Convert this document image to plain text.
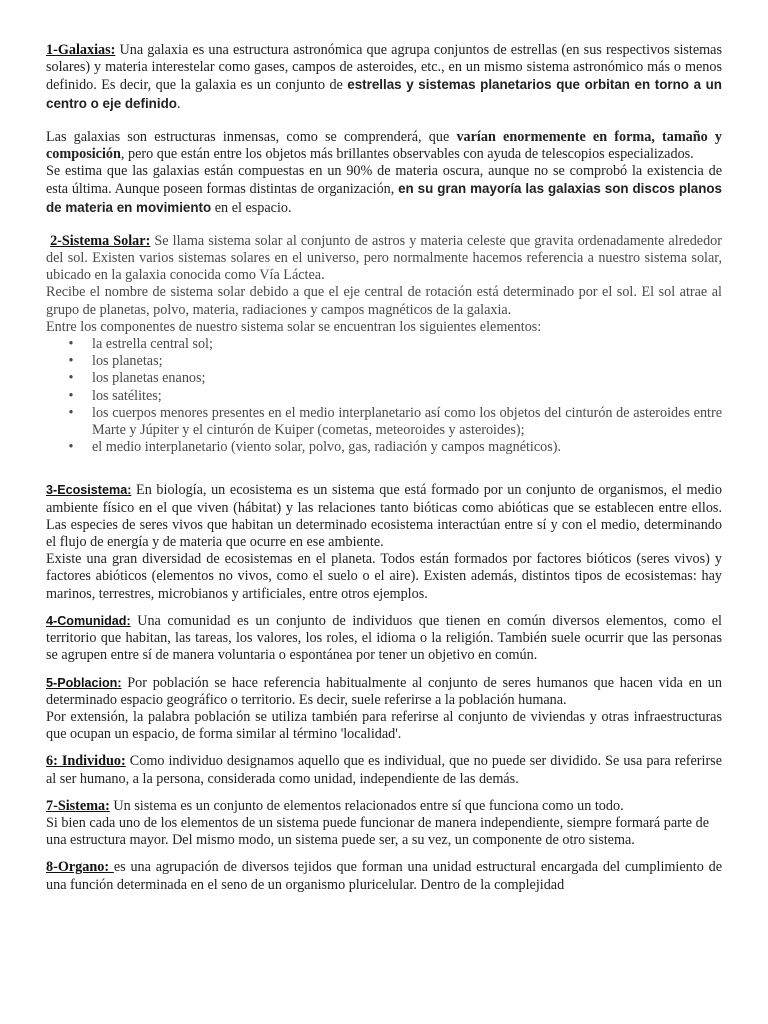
1-Galaxias: Una galaxia es una estructura astronómica que agrupa conjuntos de estrellas (en sus respectivos sistemas solares) y materia interestelar como gases, campos de asteroides, etc., en un mismo sistema astronómico más o menos definido. Es decir, que la galaxia es un conjunto de estrellas y sistemas planetarios que orbitan en torno a un centro o eje definido.

Las galaxias son estructuras inmensas, como se comprenderá, que varían enormemente en forma, tamaño y composición, pero que están entre los objetos más brillantes observables con ayuda de telescopios especializados.

Se estima que las galaxias están compuestas en un 90% de materia oscura, aunque no se comprobó la existencia de esta última. Aunque poseen formas distintas de organización, en su gran mayoría las galaxias son discos planos de materia en movimiento en el espacio.

2-Sistema Solar: Se llama sistema solar al conjunto de astros y materia celeste que gravita ordenadamente alrededor del sol. Existen varios sistemas solares en el universo, pero normalmente hacemos referencia a nuestro sistema solar, ubicado en la galaxia conocida como Vía Láctea.

Recibe el nombre de sistema solar debido a que el eje central de rotación está determinado por el sol. El sol atrae al grupo de planetas, polvo, materia, radiaciones y campos magnéticos de la galaxia.

Entre los componentes de nuestro sistema solar se encuentran los siguientes elementos:

• la estrella central sol;
• los planetas;
• los planetas enanos;
• los satélites;
• los cuerpos menores presentes en el medio interplanetario así como los objetos del cinturón de asteroides entre Marte y Júpiter y el cinturón de Kuiper (cometas, meteoroides y asteroides);
• el medio interplanetario (viento solar, polvo, gas, radiación y campos magnéticos).

3-Ecosistema: En biología, un ecosistema es un sistema que está formado por un conjunto de organismos, el medio ambiente físico en el que viven (hábitat) y las relaciones tanto bióticas como abióticas que se establecen entre ellos. Las especies de seres vivos que habitan un determinado ecosistema interactúan entre sí y con el medio, determinando el flujo de energía y de materia que ocurre en ese ambiente.

Existe una gran diversidad de ecosistemas en el planeta. Todos están formados por factores bióticos (seres vivos) y factores abióticos (elementos no vivos, como el suelo o el aire). Existen además, distintos tipos de ecosistemas: hay marinos, terrestres, microbianos y artificiales, entre otros ejemplos.

4-Comunidad: Una comunidad es un conjunto de individuos que tienen en común diversos elementos, como el territorio que habitan, las tareas, los valores, los roles, el idioma o la religión. También suele ocurrir que las personas se agrupen entre sí de manera voluntaria o espontánea por tener un objetivo en común.

5-Poblacion: Por población se hace referencia habitualmente al conjunto de seres humanos que hacen vida en un determinado espacio geográfico o territorio. Es decir, suele referirse a la población humana.

Por extensión, la palabra población se utiliza también para referirse al conjunto de viviendas y otras infraestructuras que ocupan un espacio, de forma similar al término 'localidad'.

6: Individuo: Como individuo designamos aquello que es individual, que no puede ser dividido. Se usa para referirse al ser humano, a la persona, considerada como unidad, independiente de las demás.

7-Sistema: Un sistema es un conjunto de elementos relacionados entre sí que funciona como un todo.

Si bien cada uno de los elementos de un sistema puede funcionar de manera independiente, siempre formará parte de una estructura mayor. Del mismo modo, un sistema puede ser, a su vez, un componente de otro sistema.

8-Organo: es una agrupación de diversos tejidos que forman una unidad estructural encargada del cumplimiento de una función determinada en el seno de un organismo pluricelular. Dentro de la complejidad
